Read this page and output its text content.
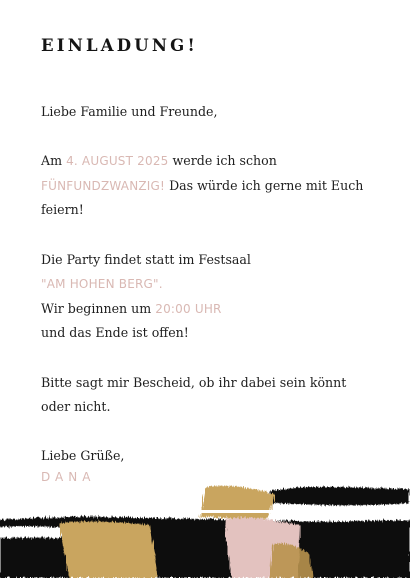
EINLADUNG!

Liebe Familie und Freunde,

Am 4. AUGUST 2025 werde ich schon FÜNFUNDZWANZIG! Das würde ich gerne mit Euch feiern!

Die Party findet statt im Festsaal
"AM HOHEN BERG".
Wir beginnen um 20:00 UHR
und das Ende ist offen!

Bitte sagt mir Bescheid, ob ihr dabei sein könnt oder nicht.

Liebe Grüße,

DANA
